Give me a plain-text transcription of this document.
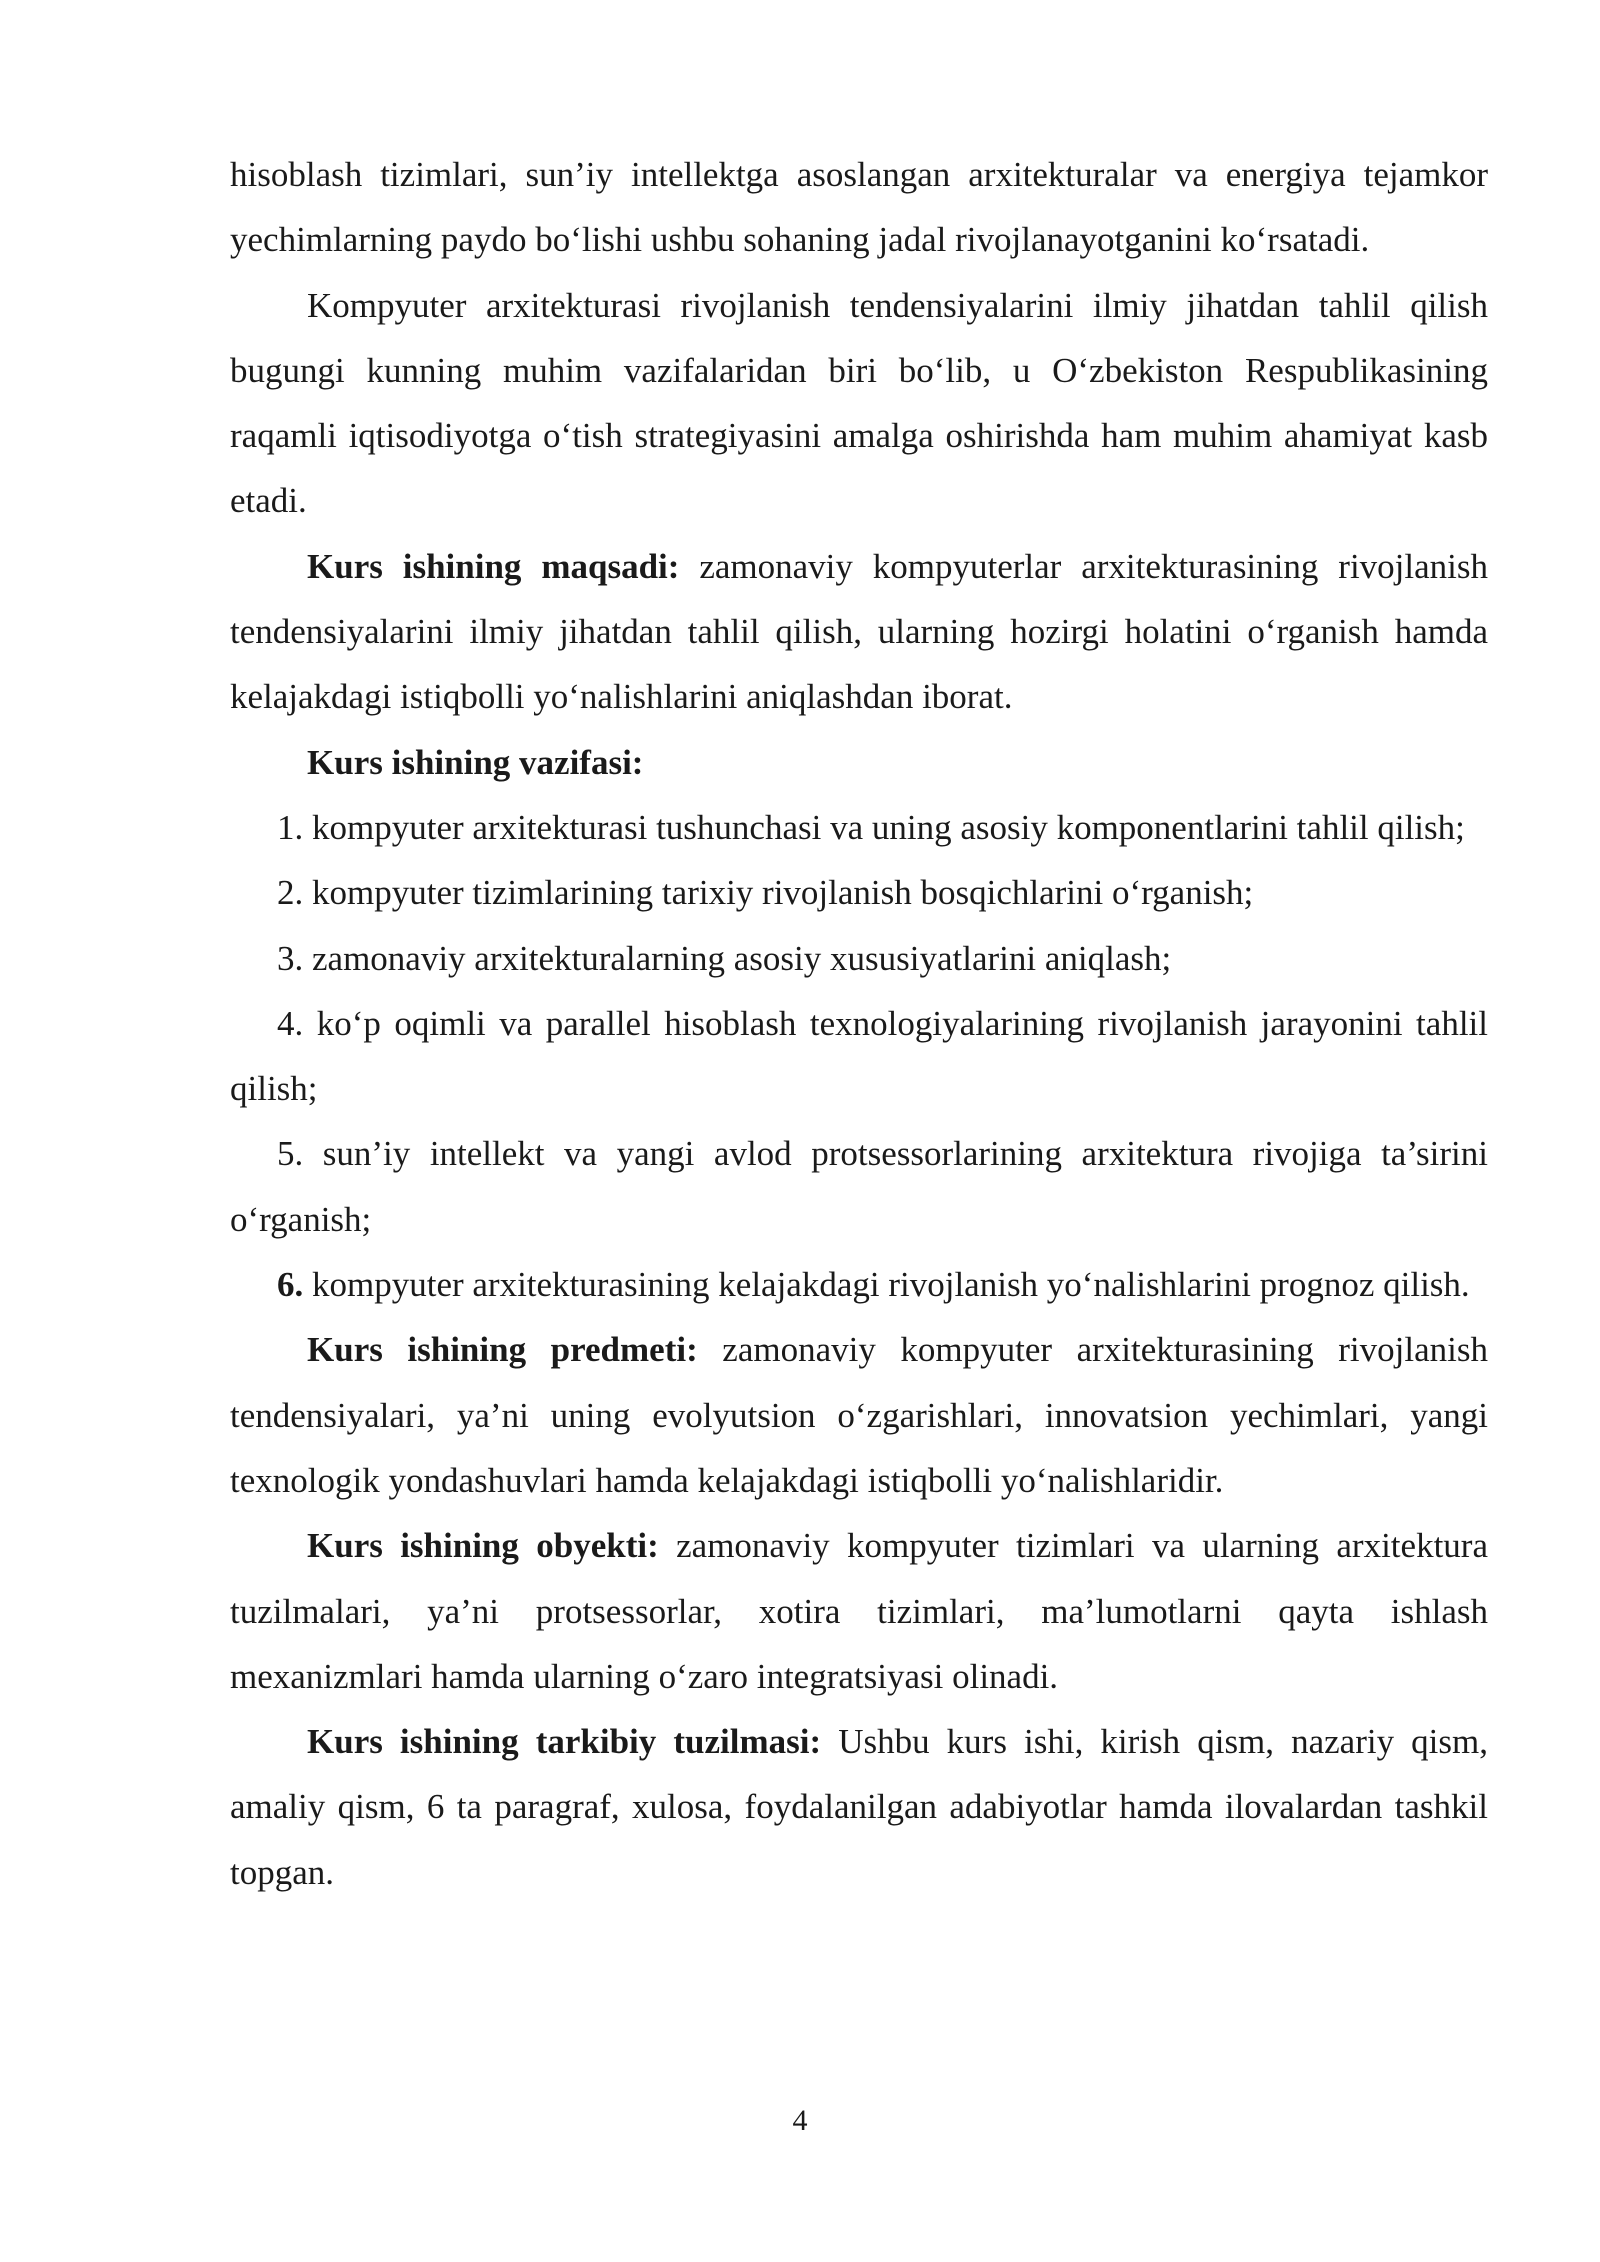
hisoblash tizimlari, sun’iy intellektga asoslangan arxitekturalar va energiya tejamkor yechimlarning paydo bo‘lishi ushbu sohaning jadal rivojlanayotganini ko‘rsatadi.

Kompyuter arxitekturasi rivojlanish tendensiyalarini ilmiy jihatdan tahlil qilish bugungi kunning muhim vazifalaridan biri bo‘lib, u O‘zbekiston Respublikasining raqamli iqtisodiyotga o‘tish strategiyasini amalga oshirishda ham muhim ahamiyat kasb etadi.

Kurs ishining maqsadi: zamonaviy kompyuterlar arxitekturasining rivojlanish tendensiyalarini ilmiy jihatdan tahlil qilish, ularning hozirgi holatini o‘rganish hamda kelajakdagi istiqbolli yo‘nalishlarini aniqlashdan iborat.

Kurs ishining vazifasi:

1. kompyuter arxitekturasi tushunchasi va uning asosiy komponentlarini tahlil qilish;

2. kompyuter tizimlarining tarixiy rivojlanish bosqichlarini o‘rganish;

3. zamonaviy arxitekturalarning asosiy xususiyatlarini aniqlash;

4. ko‘p oqimli va parallel hisoblash texnologiyalarining rivojlanish jarayonini tahlil qilish;

5. sun’iy intellekt va yangi avlod protsessorlarining arxitektura rivojiga ta’sirini o‘rganish;

6. kompyuter arxitekturasining kelajakdagi rivojlanish yo‘nalishlarini prognoz qilish.

Kurs ishining predmeti: zamonaviy kompyuter arxitekturasining rivojlanish tendensiyalari, ya’ni uning evolyutsion o‘zgarishlari, innovatsion yechimlari, yangi texnologik yondashuvlari hamda kelajakdagi istiqbolli yo‘nalishlaridir.

Kurs ishining obyekti: zamonaviy kompyuter tizimlari va ularning arxitektura tuzilmalari, ya’ni protsessorlar, xotira tizimlari, ma’lumotlarni qayta ishlash mexanizmlari hamda ularning o‘zaro integratsiyasi olinadi.

Kurs ishining tarkibiy tuzilmasi: Ushbu kurs ishi, kirish qism, nazariy qism, amaliy qism, 6 ta paragraf, xulosa, foydalanilgan adabiyotlar hamda ilovalardan tashkil topgan.

4
